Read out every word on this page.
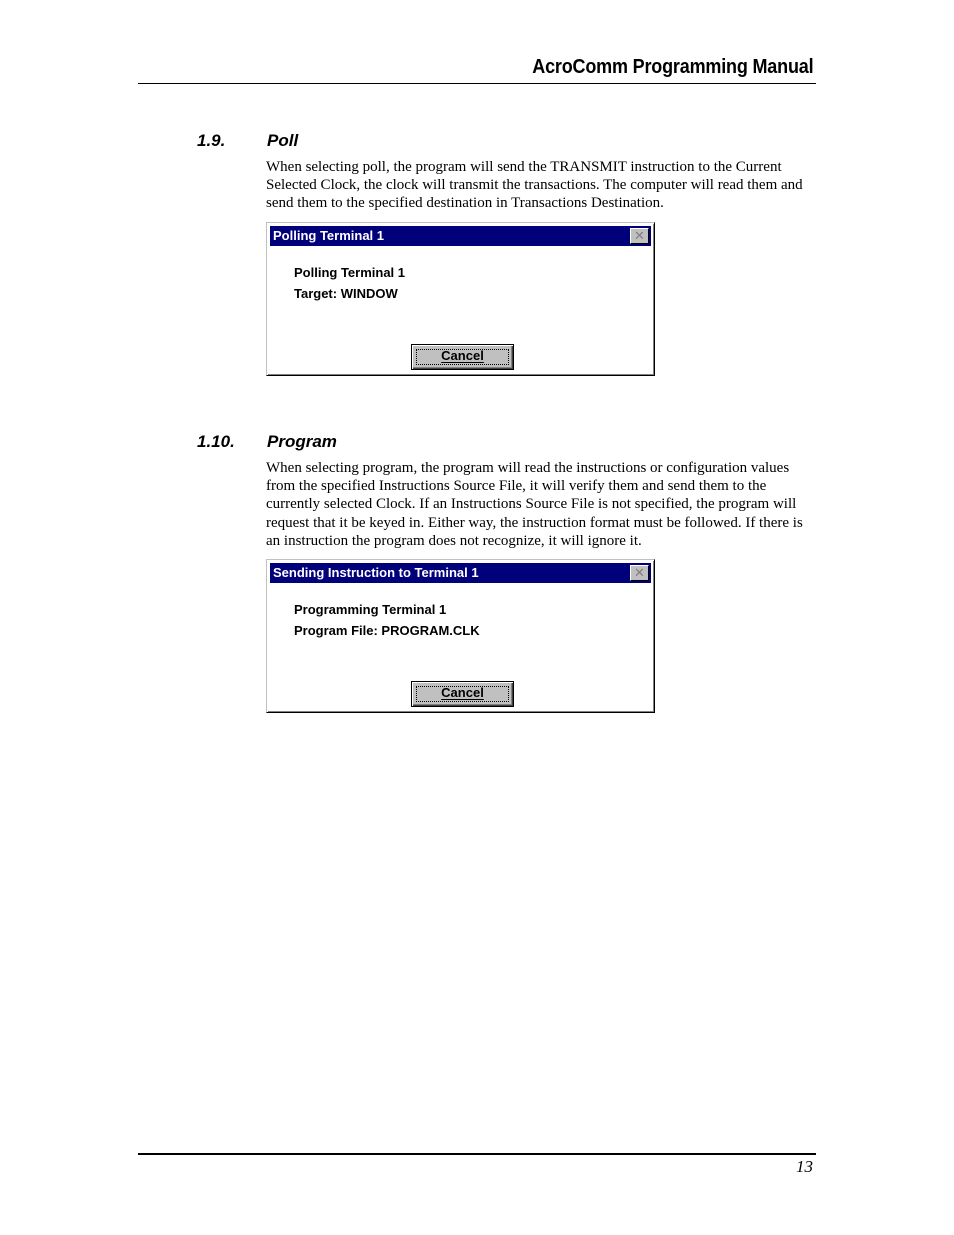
AcroComm Programming Manual
1.9. Poll
When selecting poll, the program will send the TRANSMIT instruction to the Current Selected Clock, the clock will transmit the transactions. The computer will read them and send them to the specified destination in Transactions Destination.
Polling Terminal 1	✕
Polling Terminal 1
Target: WINDOW
Cancel
1.10. Program
When selecting program, the program will read the instructions or configuration values from the specified Instructions Source File, it will verify them and send them to the currently selected Clock. If an Instructions Source File is not specified, the program will request that it be keyed in. Either way, the instruction format must be followed. If there is an instruction the program does not recognize, it will ignore it.
Sending Instruction to Terminal 1	✕
Programming Terminal 1
Program File: PROGRAM.CLK
Cancel
13
